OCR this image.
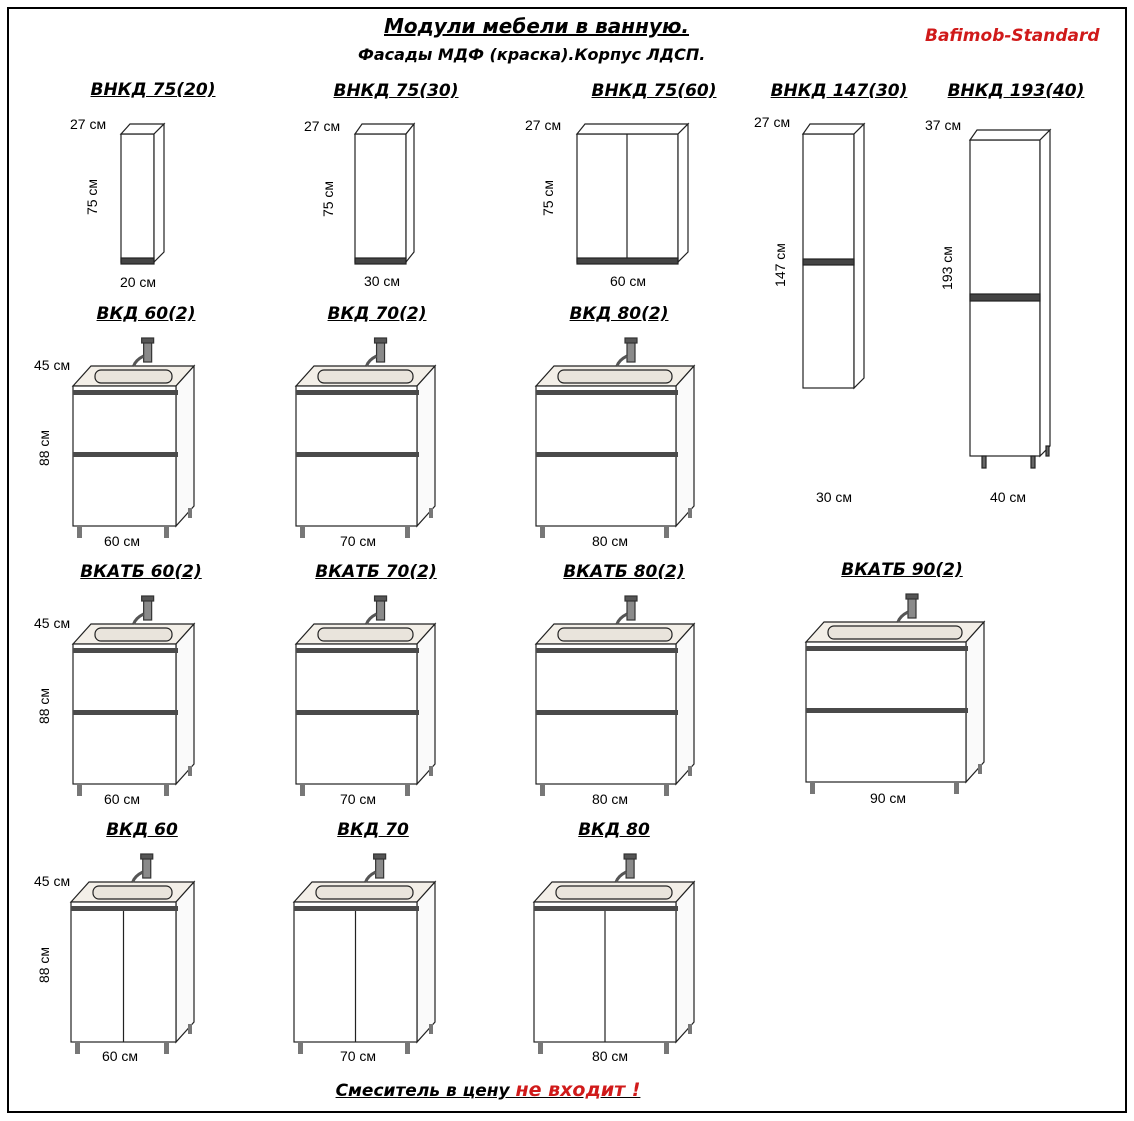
Модули мебели в ванную.
Фасады МДФ (краска).Корпус ЛДСП.
Bafimob-Standard
ВНКД 75(20)	ВНКД 75(30)	ВНКД 75(60)	ВНКД 147(30) ВНКД 193(40)
27 см
75 см
20 см
27 см
75 см
30 см
27 см
75 см
60 см
27 см
147 см
30 см
37 см
193 см
40 см
ВКД 60(2)	ВКД 70(2)	ВКД 80(2)
ВКАТБ 60(2)	ВКАТБ 70(2)	ВКАТБ 80(2)	ВКАТБ 90(2)
ВКД 60	ВКД 70	ВКД 80
45 см
88 см
60 см	70 см	80 см
45 см
88 см
60 см	70 см	80 см	90 см
45 см
88 см
60 см	70 см	80 см
Смеситель в цену не входит !
